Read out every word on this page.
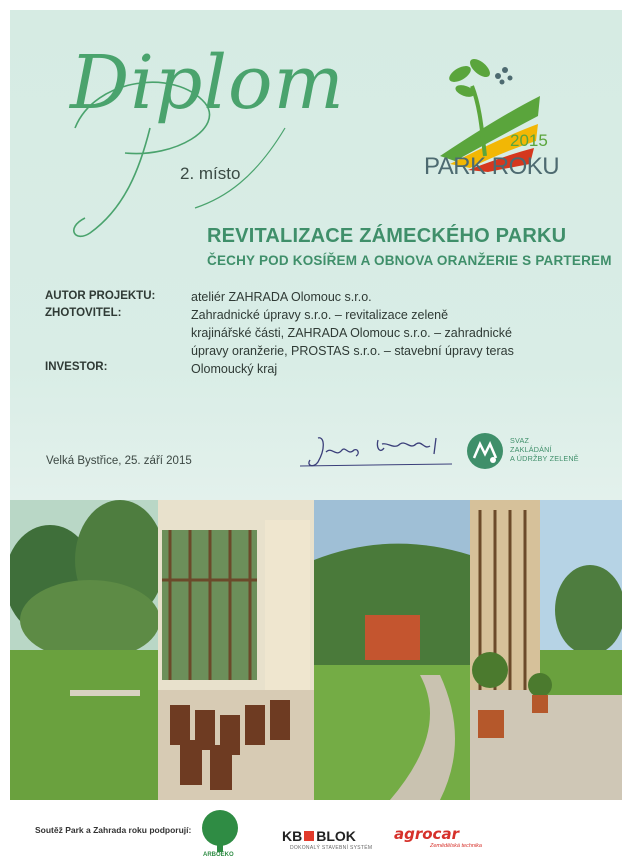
Diplom
2. místo
2015
PARK ROKU
REVITALIZACE ZÁMECKÉHO PARKU
ČECHY POD KOSÍŘEM A OBNOVA ORANŽERIE S PARTEREM
AUTOR PROJEKTU:	ateliér ZAHRADA Olomouc s.r.o.
ZHOTOVITEL:	Zahradnické úpravy s.r.o. – revitalizace zeleně
krajinářské části, ZAHRADA Olomouc s.r.o. – zahradnické
úpravy oranžerie, PROSTAS s.r.o. – stavební úpravy teras
INVESTOR:	Olomoucký kraj
Velká Bystřice, 25. září 2015
SVAZ
ZAKLÁDÁNÍ
A ÚDRŽBY ZELENĚ
Soutěž Park a Zahrada roku podporují:
ARBOEKO
KB BLOK
DOKONALÝ STAVEBNÍ SYSTÉM
agrocar
Zemědělská technika
